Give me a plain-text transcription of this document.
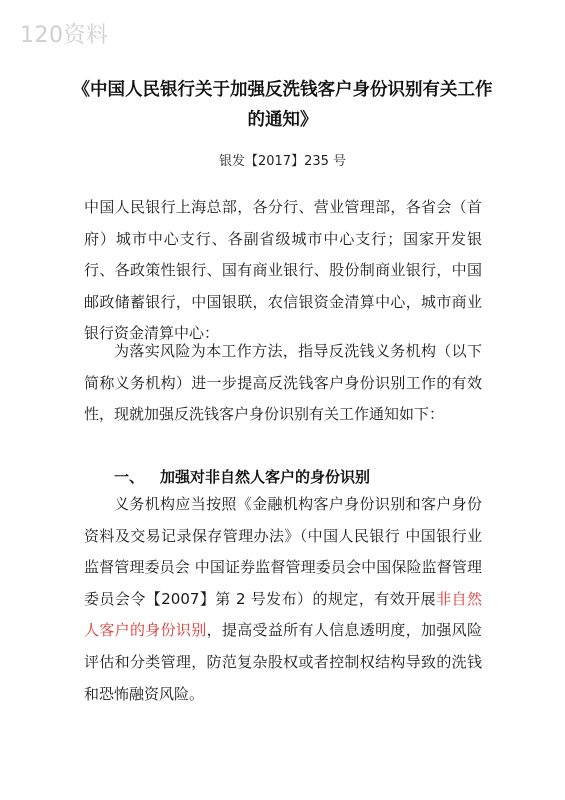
120资料
《中国人民银行关于加强反洗钱客户身份识别有关工作的通知》
银发【2017】235 号
中国人民银行上海总部，各分行、营业管理部，各省会（首府）城市中心支行、各副省级城市中心支行；国家开发银行、各政策性银行、国有商业银行、股份制商业银行，中国邮政储蓄银行，中国银联，农信银资金清算中心，城市商业银行资金清算中心：
为落实风险为本工作方法，指导反洗钱义务机构（以下简称义务机构）进一步提高反洗钱客户身份识别工作的有效性，现就加强反洗钱客户身份识别有关工作通知如下：
一、 加强对非自然人客户的身份识别
义务机构应当按照《金融机构客户身份识别和客户身份资料及交易记录保存管理办法》（中国人民银行 中国银行业监督管理委员会 中国证券监督管理委员会中国保险监督管理委员会令【2007】第 2 号发布）的规定，有效开展非自然人客户的身份识别，提高受益所有人信息透明度，加强风险评估和分类管理，防范复杂股权或者控制权结构导致的洗钱和恐怖融资风险。
